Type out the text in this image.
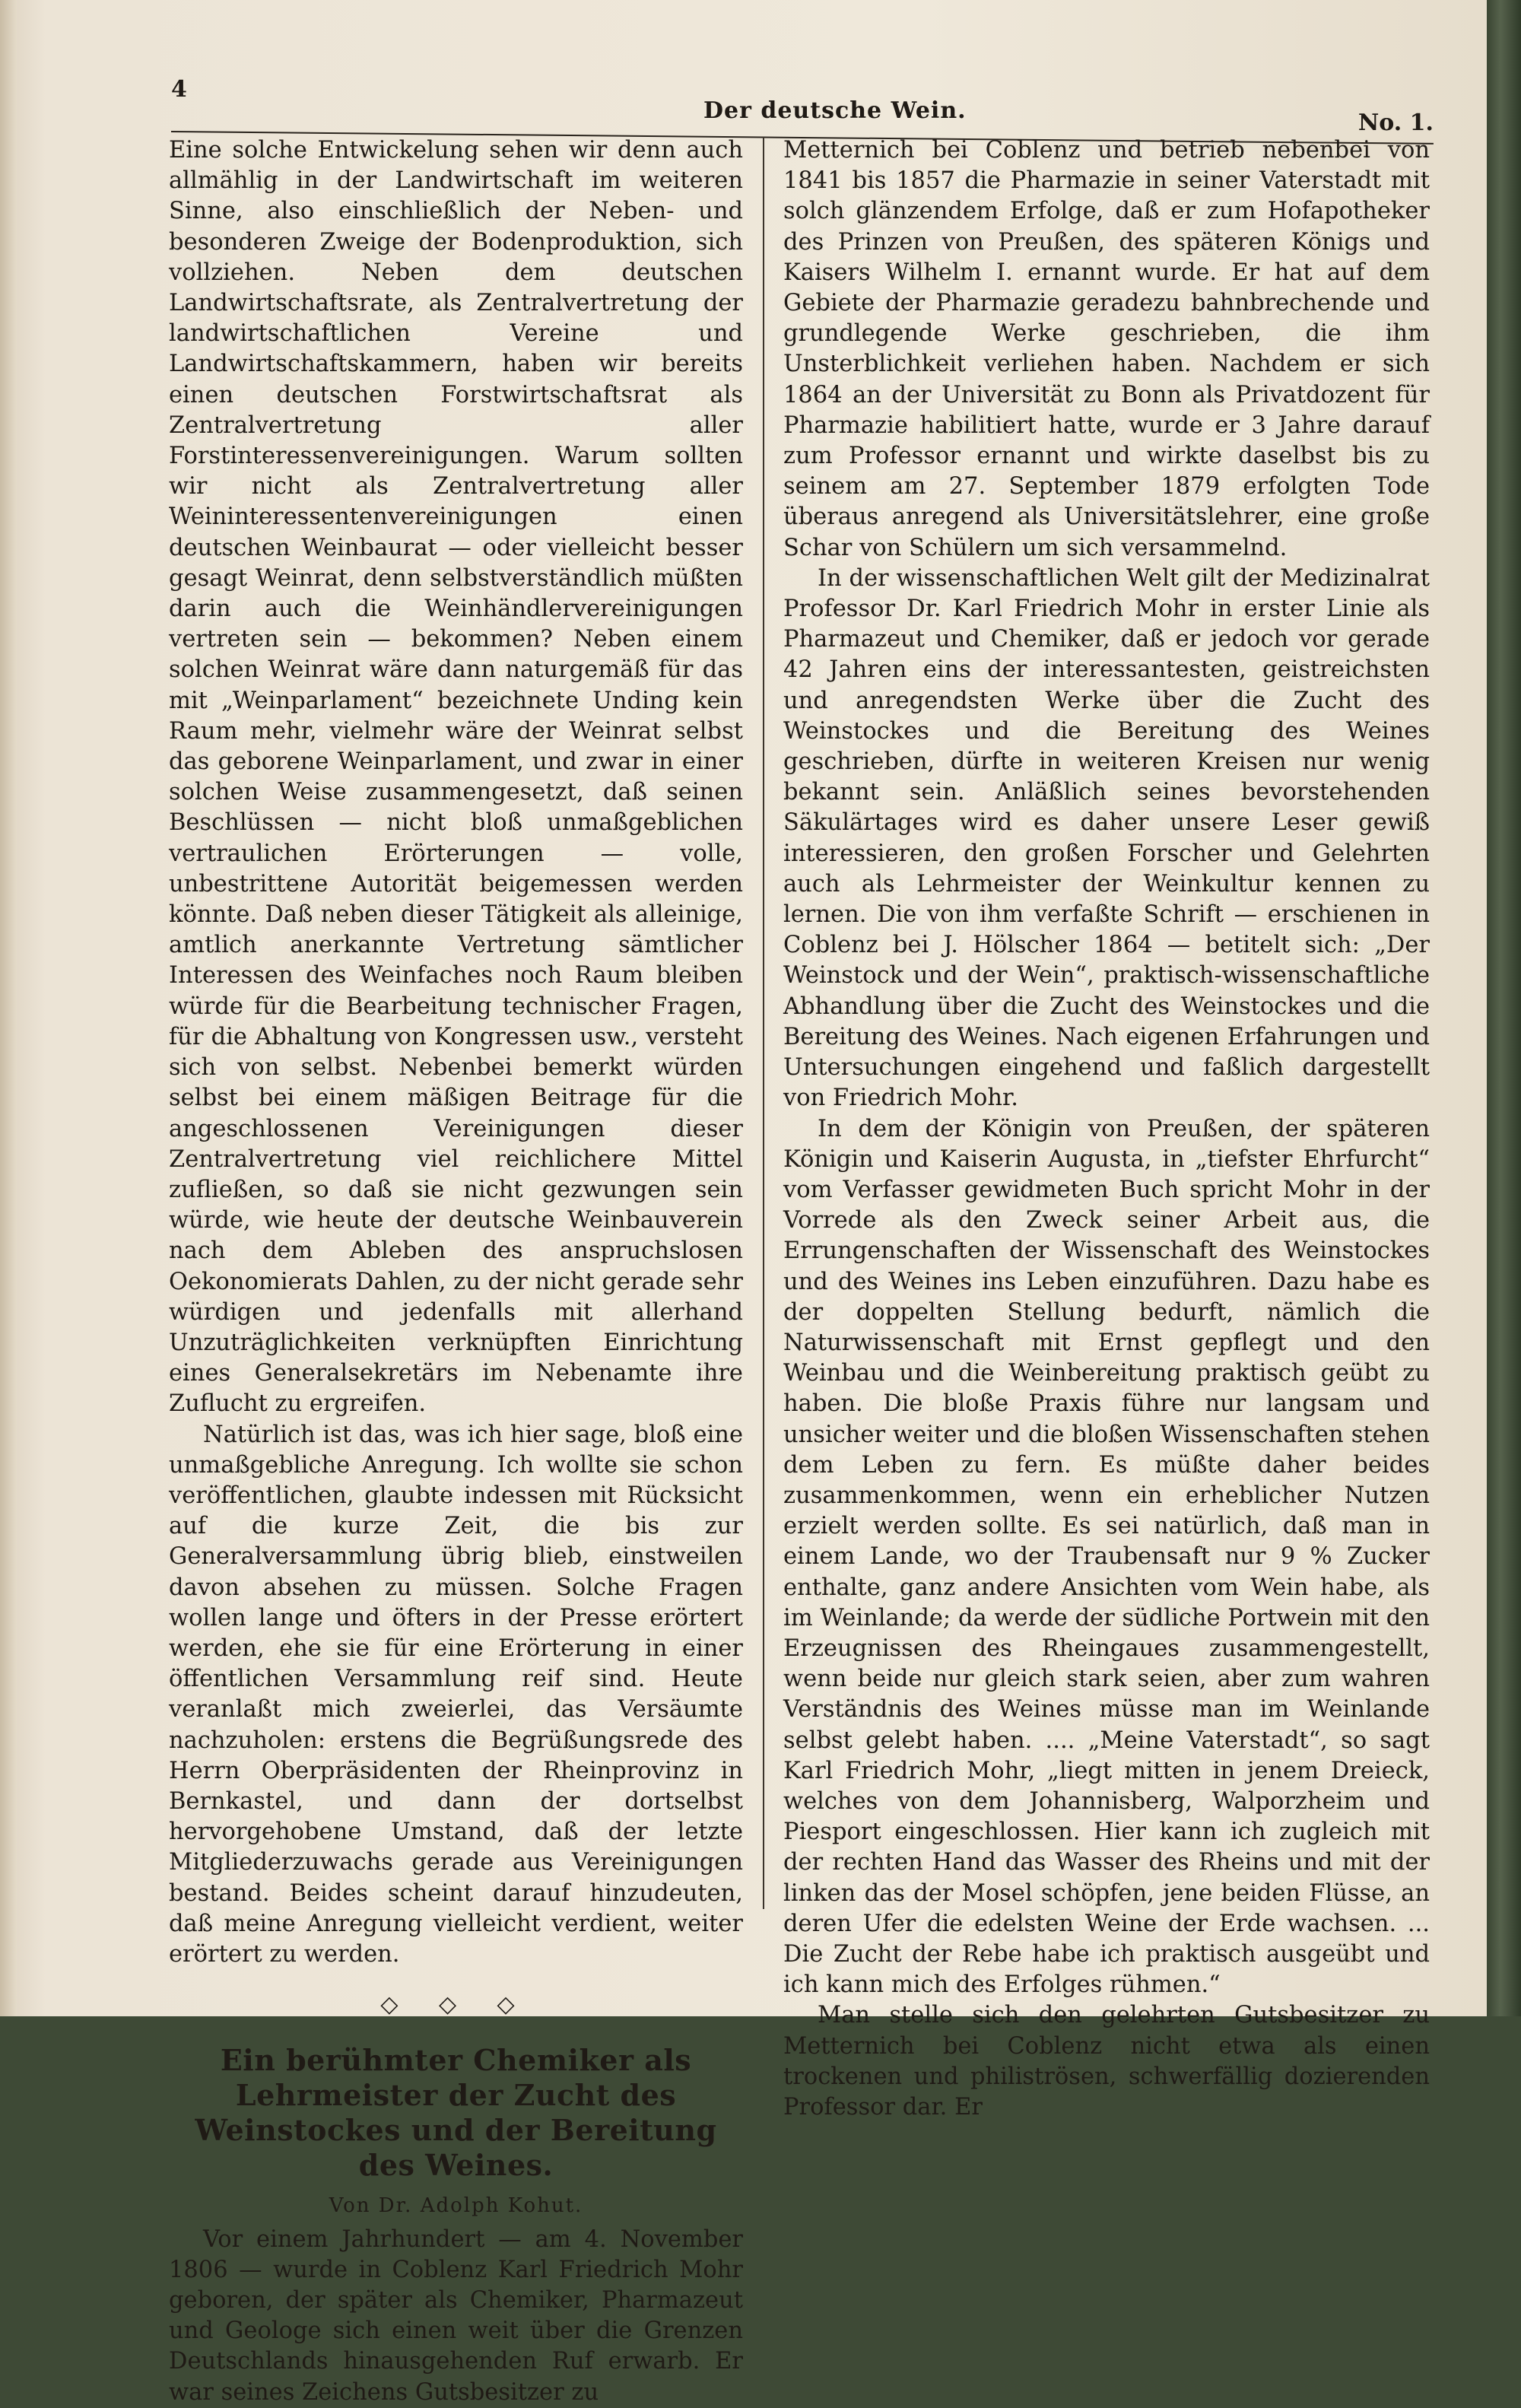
4
Der deutsche Wein.	No. 1.

Eine solche Entwickelung sehen wir denn auch allmählig in der Landwirtschaft im weiteren Sinne, also einschließlich der Neben- und besonderen Zweige der Bodenproduktion, sich vollziehen. Neben dem deutschen Landwirtschaftsrate, als Zentralvertretung der landwirtschaftlichen Vereine und Landwirtschaftskammern, haben wir bereits einen deutschen Forstwirtschaftsrat als Zentralvertretung aller Forstinteressenvereinigungen. Warum sollten wir nicht als Zentralvertretung aller Weininteressentenvereinigungen einen deutschen Weinbaurat — oder vielleicht besser gesagt Weinrat, denn selbstverständlich müßten darin auch die Weinhändlervereinigungen vertreten sein — bekommen? Neben einem solchen Weinrat wäre dann naturgemäß für das mit „Weinparlament“ bezeichnete Unding kein Raum mehr, vielmehr wäre der Weinrat selbst das geborene Weinparlament, und zwar in einer solchen Weise zusammengesetzt, daß seinen Beschlüssen — nicht bloß unmaßgeblichen vertraulichen Erörterungen — volle, unbestrittene Autorität beigemessen werden könnte. Daß neben dieser Tätigkeit als alleinige, amtlich anerkannte Vertretung sämtlicher Interessen des Weinfaches noch Raum bleiben würde für die Bearbeitung technischer Fragen, für die Abhaltung von Kongressen usw., versteht sich von selbst. Nebenbei bemerkt würden selbst bei einem mäßigen Beitrage für die angeschlossenen Vereinigungen dieser Zentralvertretung viel reichlichere Mittel zufließen, so daß sie nicht gezwungen sein würde, wie heute der deutsche Weinbauverein nach dem Ableben des anspruchslosen Oekonomierats Dahlen, zu der nicht gerade sehr würdigen und jedenfalls mit allerhand Unzuträglichkeiten verknüpften Einrichtung eines Generalsekretärs im Nebenamte ihre Zuflucht zu ergreifen.

Natürlich ist das, was ich hier sage, bloß eine unmaßgebliche Anregung. Ich wollte sie schon veröffentlichen, glaubte indessen mit Rücksicht auf die kurze Zeit, die bis zur Generalversammlung übrig blieb, einstweilen davon absehen zu müssen. Solche Fragen wollen lange und öfters in der Presse erörtert werden, ehe sie für eine Erörterung in einer öffentlichen Versammlung reif sind. Heute veranlaßt mich zweierlei, das Versäumte nachzuholen: erstens die Begrüßungsrede des Herrn Oberpräsidenten der Rheinprovinz in Bernkastel, und dann der dortselbst hervorgehobene Umstand, daß der letzte Mitgliederzuwachs gerade aus Vereinigungen bestand. Beides scheint darauf hinzudeuten, daß meine Anregung vielleicht verdient, weiter erörtert zu werden.

◇ ◇ ◇
Ein berühmter Chemiker als Lehrmeister der Zucht des Weinstockes und der Bereitung des Weines.
Von Dr. Adolph Kohut.

Vor einem Jahrhundert — am 4. November 1806 — wurde in Coblenz Karl Friedrich Mohr geboren, der später als Chemiker, Pharmazeut und Geologe sich einen weit über die Grenzen Deutschlands hinausgehenden Ruf erwarb. Er war seines Zeichens Gutsbesitzer zu

Metternich bei Coblenz und betrieb nebenbei von 1841 bis 1857 die Pharmazie in seiner Vaterstadt mit solch glänzendem Erfolge, daß er zum Hofapotheker des Prinzen von Preußen, des späteren Königs und Kaisers Wilhelm I. ernannt wurde. Er hat auf dem Gebiete der Pharmazie geradezu bahnbrechende und grundlegende Werke geschrieben, die ihm Unsterblichkeit verliehen haben. Nachdem er sich 1864 an der Universität zu Bonn als Privatdozent für Pharmazie habilitiert hatte, wurde er 3 Jahre darauf zum Professor ernannt und wirkte daselbst bis zu seinem am 27. September 1879 erfolgten Tode überaus anregend als Universitätslehrer, eine große Schar von Schülern um sich versammelnd.

In der wissenschaftlichen Welt gilt der Medizinalrat Professor Dr. Karl Friedrich Mohr in erster Linie als Pharmazeut und Chemiker, daß er jedoch vor gerade 42 Jahren eins der interessantesten, geistreichsten und anregendsten Werke über die Zucht des Weinstockes und die Bereitung des Weines geschrieben, dürfte in weiteren Kreisen nur wenig bekannt sein. Anläßlich seines bevorstehenden Säkulärtages wird es daher unsere Leser gewiß interessieren, den großen Forscher und Gelehrten auch als Lehrmeister der Weinkultur kennen zu lernen. Die von ihm verfaßte Schrift — erschienen in Coblenz bei J. Hölscher 1864 — betitelt sich: „Der Weinstock und der Wein“, praktisch-wissenschaftliche Abhandlung über die Zucht des Weinstockes und die Bereitung des Weines. Nach eigenen Erfahrungen und Untersuchungen eingehend und faßlich dargestellt von Friedrich Mohr.

In dem der Königin von Preußen, der späteren Königin und Kaiserin Augusta, in „tiefster Ehrfurcht“ vom Verfasser gewidmeten Buch spricht Mohr in der Vorrede als den Zweck seiner Arbeit aus, die Errungenschaften der Wissenschaft des Weinstockes und des Weines ins Leben einzuführen. Dazu habe es der doppelten Stellung bedurft, nämlich die Naturwissenschaft mit Ernst gepflegt und den Weinbau und die Weinbereitung praktisch geübt zu haben. Die bloße Praxis führe nur langsam und unsicher weiter und die bloßen Wissenschaften stehen dem Leben zu fern. Es müßte daher beides zusammenkommen, wenn ein erheblicher Nutzen erzielt werden sollte. Es sei natürlich, daß man in einem Lande, wo der Traubensaft nur 9 % Zucker enthalte, ganz andere Ansichten vom Wein habe, als im Weinlande; da werde der südliche Portwein mit den Erzeugnissen des Rheingaues zusammengestellt, wenn beide nur gleich stark seien, aber zum wahren Verständnis des Weines müsse man im Weinlande selbst gelebt haben. .... „Meine Vaterstadt“, so sagt Karl Friedrich Mohr, „liegt mitten in jenem Dreieck, welches von dem Johannisberg, Walporzheim und Piesport eingeschlossen. Hier kann ich zugleich mit der rechten Hand das Wasser des Rheins und mit der linken das der Mosel schöpfen, jene beiden Flüsse, an deren Ufer die edelsten Weine der Erde wachsen. ... Die Zucht der Rebe habe ich praktisch ausgeübt und ich kann mich des Erfolges rühmen.“

Man stelle sich den gelehrten Gutsbesitzer zu Metternich bei Coblenz nicht etwa als einen trockenen und philiströsen, schwerfällig dozierenden Professor dar. Er
